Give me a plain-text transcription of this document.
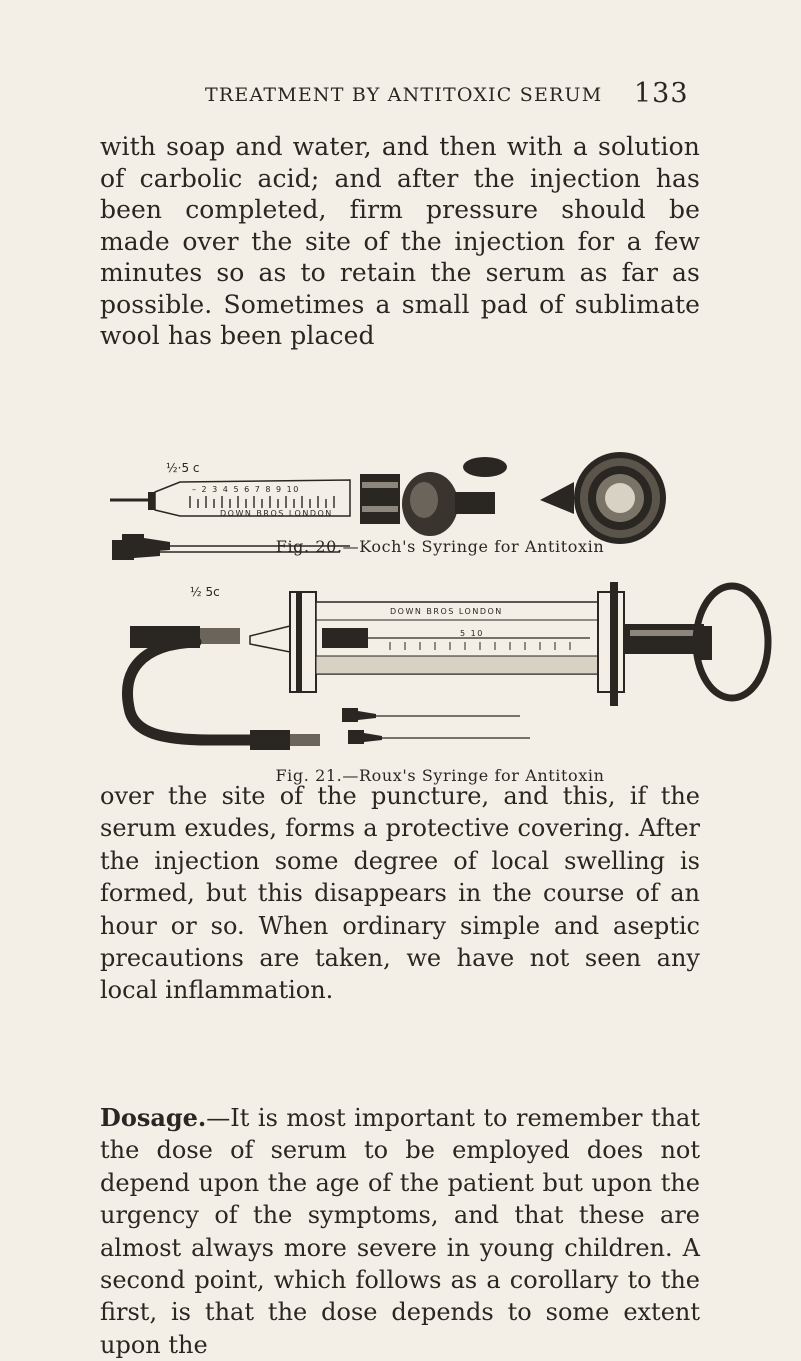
TREATMENT BY ANTITOXIC SERUM 133

with soap and water, and then with a solution of carbolic acid; and after the injection has been completed, firm pressure should be made over the site of the injection for a few minutes so as to retain the serum as far as possible. Sometimes a small pad of sublimate wool has been placed

½·5 c
– 2 3 4 5 6 7 8 9 10
DOWN BROS LONDON
Fig. 20.—Koch's Syringe for Antitoxin
½ 5c
DOWN BROS LONDON
5 10
Fig. 21.—Roux's Syringe for Antitoxin

over the site of the puncture, and this, if the serum exudes, forms a protective covering. After the injection some degree of local swelling is formed, but this disappears in the course of an hour or so. When ordinary simple and aseptic precautions are taken, we have not seen any local inflammation.

Dosage.—It is most important to remember that the dose of serum to be employed does not depend upon the age of the patient but upon the urgency of the symptoms, and that these are almost always more severe in young children. A second point, which follows as a corollary to the first, is that the dose depends to some extent upon the
